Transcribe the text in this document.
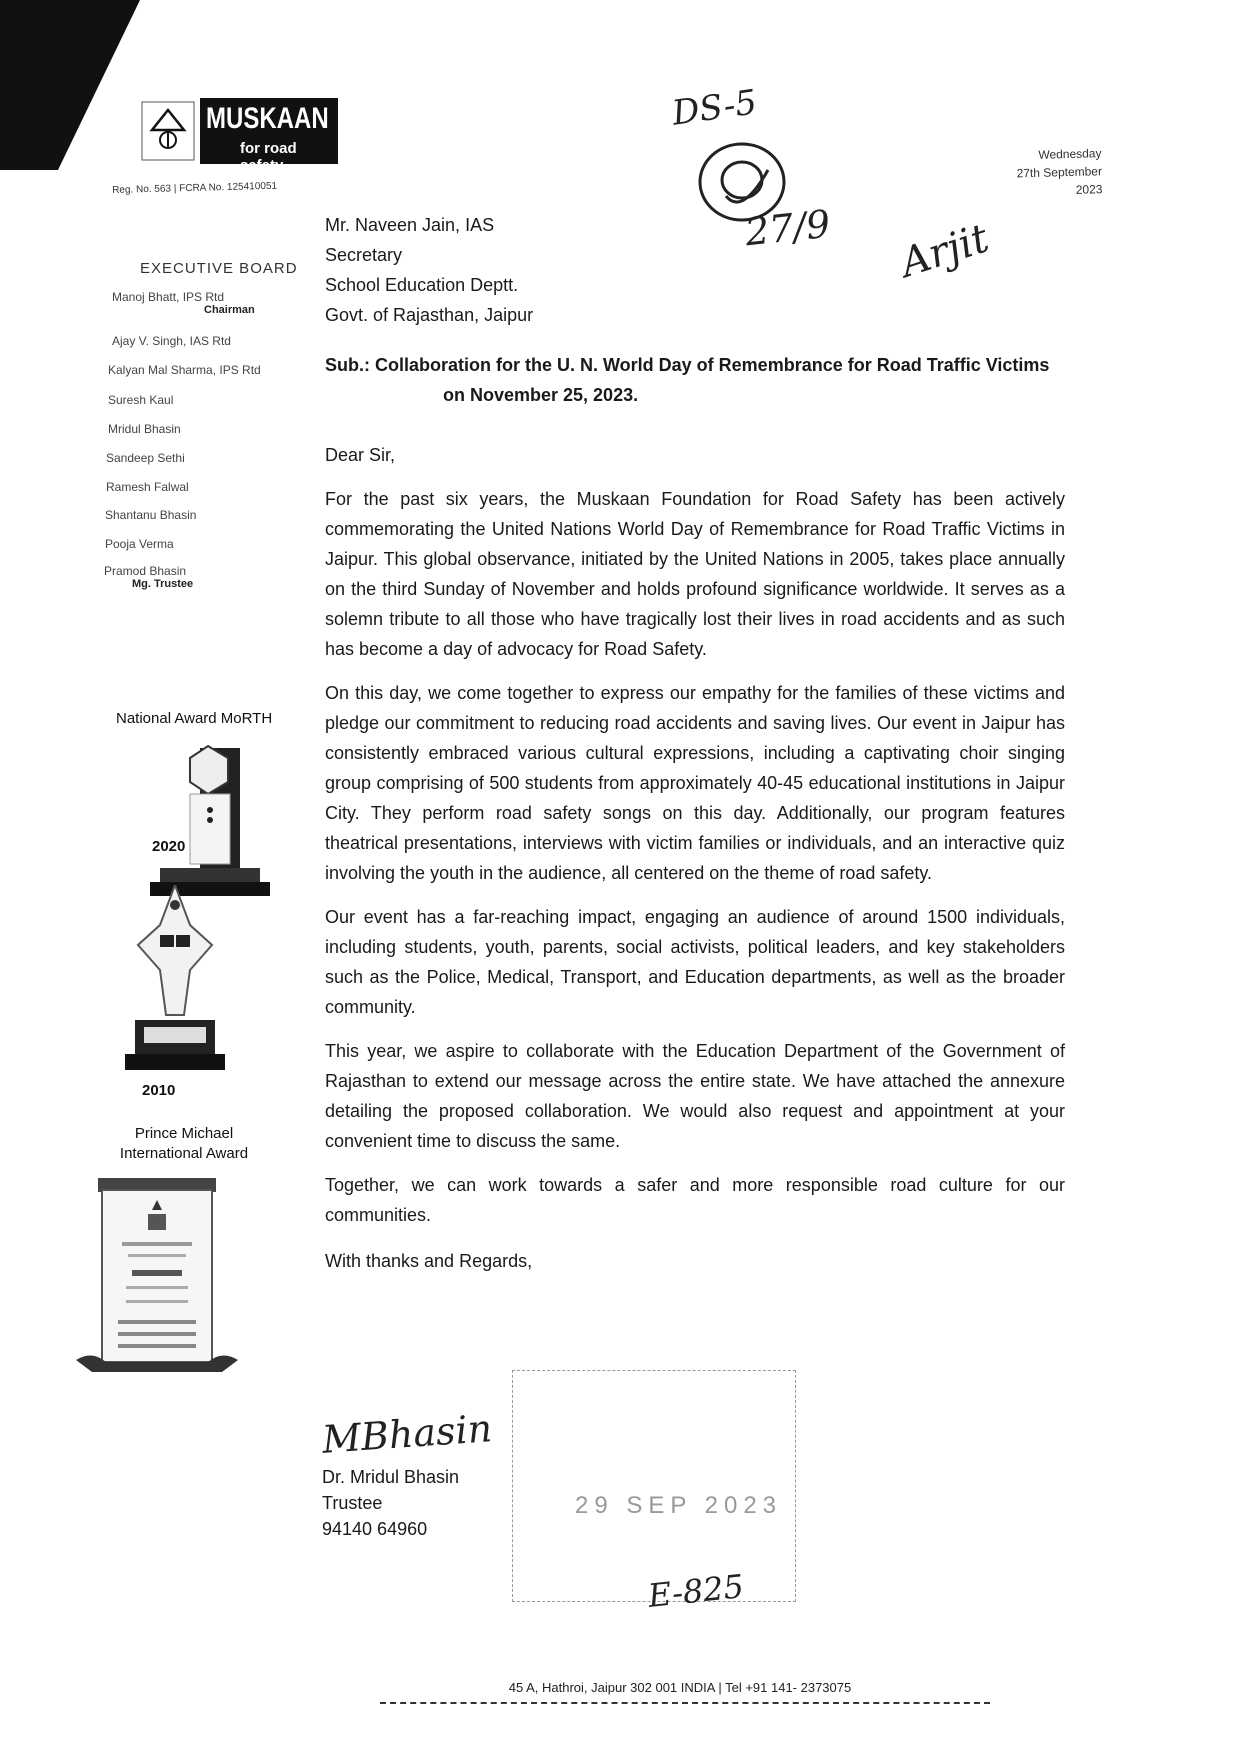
MUSKAAN
for road safety
Reg. No. 563 | FCRA No. 125410051
EXECUTIVE BOARD
Manoj Bhatt, IPS Rtd
Chairman
Ajay V. Singh, IAS Rtd
Kalyan Mal Sharma, IPS Rtd
Suresh Kaul
Mridul Bhasin
Sandeep Sethi
Ramesh Falwal
Shantanu Bhasin
Pooja Verma
Pramod Bhasin
Mg. Trustee
National Award MoRTH
2020
2010
Prince Michael
International Award
DS-5
27/9 Arjit
Wednesday
27th September
2023
Mr. Naveen Jain, IAS
Secretary
School Education Deptt.
Govt. of Rajasthan, Jaipur
Sub.: Collaboration for the U. N. World Day of Remembrance for Road Traffic Victims on November 25, 2023.
Dear Sir,
For the past six years, the Muskaan Foundation for Road Safety has been actively commemorating the United Nations World Day of Remembrance for Road Traffic Victims in Jaipur. This global observance, initiated by the United Nations in 2005, takes place annually on the third Sunday of November and holds profound significance worldwide. It serves as a solemn tribute to all those who have tragically lost their lives in road accidents and as such has become a day of advocacy for Road Safety.
On this day, we come together to express our empathy for the families of these victims and pledge our commitment to reducing road accidents and saving lives. Our event in Jaipur has consistently embraced various cultural expressions, including a captivating choir singing group comprising of 500 students from approximately 40-45 educational institutions in Jaipur City. They perform road safety songs on this day. Additionally, our program features theatrical presentations, interviews with victim families or individuals, and an interactive quiz involving the youth in the audience, all centered on the theme of road safety.
Our event has a far-reaching impact, engaging an audience of around 1500 individuals, including students, youth, parents, social activists, political leaders, and key stakeholders such as the Police, Medical, Transport, and Education departments, as well as the broader community.
This year, we aspire to collaborate with the Education Department of the Government of Rajasthan to extend our message across the entire state. We have attached the annexure detailing the proposed collaboration. We would also request and appointment at your convenient time to discuss the same.
Together, we can work towards a safer and more responsible road culture for our communities.
With thanks and Regards,
29 SEP 2023
E-825
MBhasin
Dr. Mridul Bhasin
Trustee
94140 64960
45 A, Hathroi, Jaipur 302 001 INDIA | Tel +91 141- 2373075
